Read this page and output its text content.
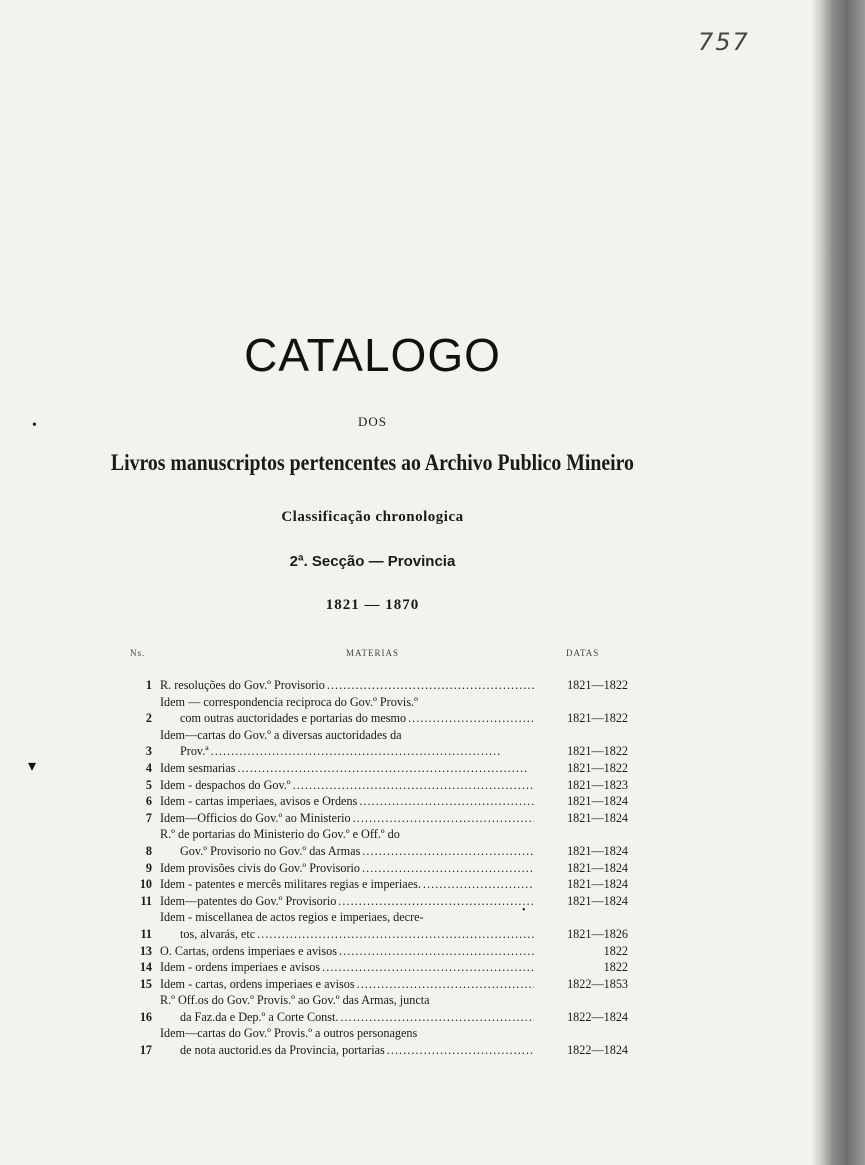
757
•
▾
•
CATALOGO
DOS
Livros manuscriptos pertencentes ao Archivo Publico Mineiro
Classificação chronologica
2ª. Secção — Provincia
1821 — 1870
Ns.	MATERIAS	DATAS
1 R. resoluções do Gov.º Provisorio . . .	1821—1822
2
Idem — correspondencia reciproca do Gov.º Provis.º
com outras auctoridades e portarias do mesmo . . .	1821—1822
3
Idem—cartas do Gov.º a diversas auctoridades da
Prov.ª . . .	1821—1822
4 Idem sesmarias . . .	1821—1822
5 Idem - despachos do Gov.º . . .	1821—1823
6 Idem - cartas imperiaes, avisos e Ordens . . .	1821—1824
7 Idem—Officios do Gov.º ao Ministerio . . .	1821—1824
8
R.º de portarias do Ministerio do Gov.º e Off.º do
Gov.º Provisorio no Gov.º das Armas . . .	1821—1824
9 Idem provisões civis do Gov.º Provisorio . . .	1821—1824
10 Idem - patentes e mercês militares regias e imperiaes. . . .	1821—1824
11 Idem—patentes do Gov.º Provisorio . . .	1821—1824
11
Idem - miscellanea de actos regios e imperiaes, decre-
tos, alvarás, etc . . .	1821—1826
13 O. Cartas, ordens imperiaes e avisos . . .	1822
14 Idem - ordens imperiaes e avisos . . .	1822
15 Idem - cartas, ordens imperiaes e avisos . . .	1822—1853
16
R.º Off.os do Gov.º Provis.º ao Gov.º das Armas, juncta
da Faz.da e Dep.º a Corte Const. . . .	1822—1824
17
Idem—cartas do Gov.º Provis.º a outros personagens
de nota auctorid.es da Provincia, portarias . . .	1822—1824
